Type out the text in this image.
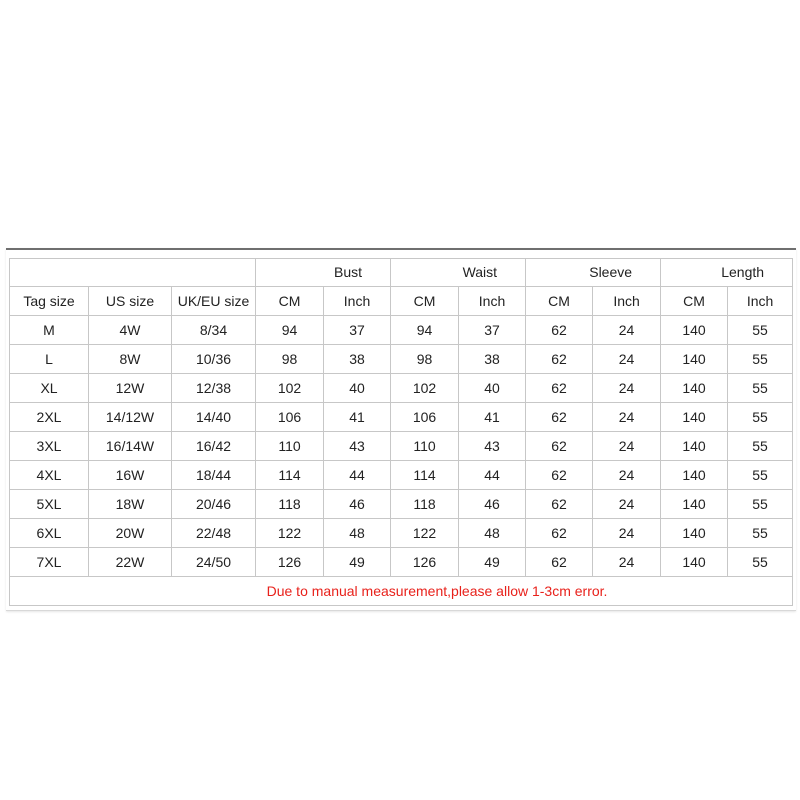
			Bust		Waist		Sleeve		Length	
Tag size	US size	UK/EU size	CM	Inch	CM	Inch	CM	Inch	CM	Inch
M	4W	8/34	94	37	94	37	62	24	140	55
L	8W	10/36	98	38	98	38	62	24	140	55
XL	12W	12/38	102	40	102	40	62	24	140	55
2XL	14/12W	14/40	106	41	106	41	62	24	140	55
3XL	16/14W	16/42	110	43	110	43	62	24	140	55
4XL	16W	18/44	114	44	114	44	62	24	140	55
5XL	18W	20/46	118	46	118	46	62	24	140	55
6XL	20W	22/48	122	48	122	48	62	24	140	55
7XL	22W	24/50	126	49	126	49	62	24	140	55
Due to manual measurement,please allow 1-3cm error.										
